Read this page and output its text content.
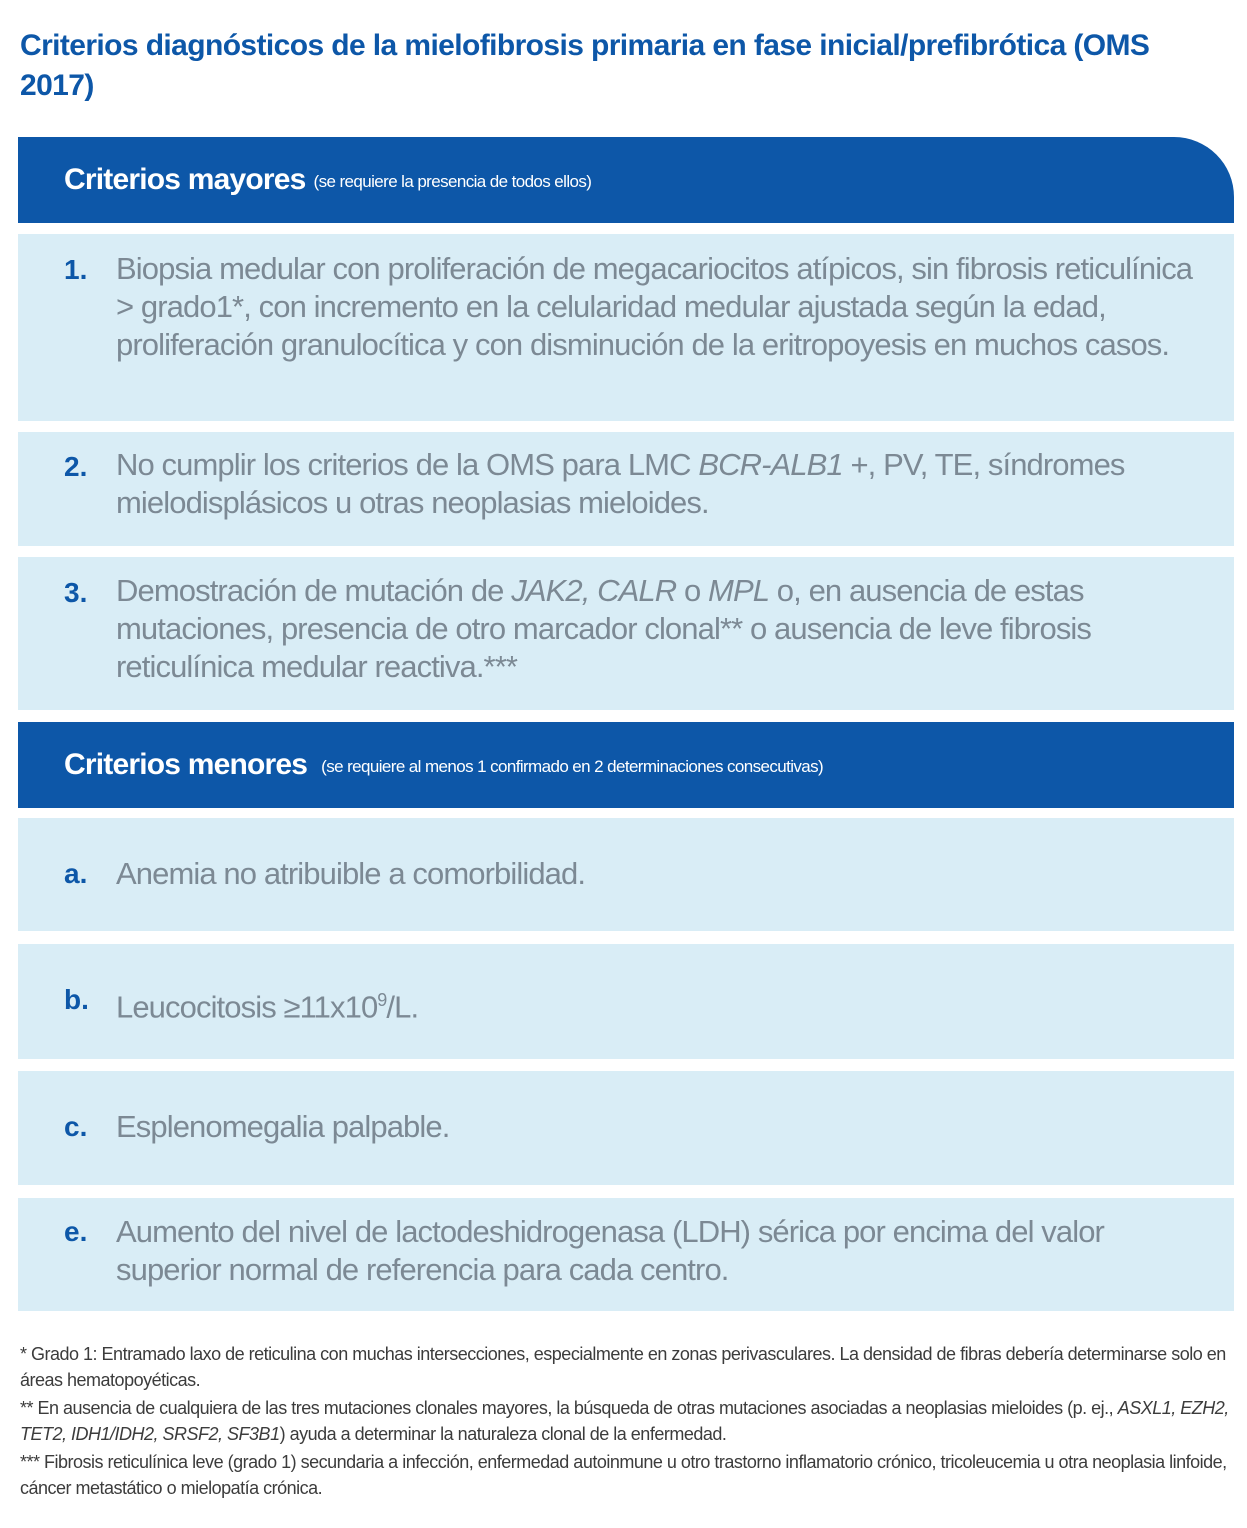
Criterios diagnósticos de la mielofibrosis primaria en fase inicial/prefibrótica (OMS 2017)
Criterios mayores (se requiere la presencia de todos ellos)
1. Biopsia medular con proliferación de megacariocitos atípicos, sin fibrosis reticulínica > grado1*, con incremento en la celularidad medular ajustada según la edad, proliferación granulocítica y con disminución de la eritropoyesis en muchos casos.
2. No cumplir los criterios de la OMS para LMC BCR-ALB1 +, PV, TE, síndromes mielodisplásicos u otras neoplasias mieloides.
3. Demostración de mutación de JAK2, CALR o MPL o, en ausencia de estas mutaciones, presencia de otro marcador clonal** o ausencia de leve fibrosis reticulínica medular reactiva.***
Criterios menores (se requiere al menos 1 confirmado en 2 determinaciones consecutivas)
a. Anemia no atribuible a comorbilidad.
b. Leucocitosis $\ge 11x10^9/L$.
c. Esplenomegalia palpable.
e. Aumento del nivel de lactodeshidrogenasa (LDH) sérica por encima del valor superior normal de referencia para cada centro.

* Grado 1: Entramado laxo de reticulina con muchas intersecciones, especialmente en zonas perivasculares. La densidad de fibras debería determinarse solo en áreas hematopoyéticas.

** En ausencia de cualquiera de las tres mutaciones clonales mayores, la búsqueda de otras mutaciones asociadas a neoplasias mieloides (p. ej., ASXL1, EZH2, TET2, IDH1/IDH2, SRSF2, SF3B1) ayuda a determinar la naturaleza clonal de la enfermedad.

*** Fibrosis reticulínica leve (grado 1) secundaria a infección, enfermedad autoinmune u otro trastorno inflamatorio crónico, tricoleucemia u otra neoplasia linfoide, cáncer metastático o mielopatía crónica.
